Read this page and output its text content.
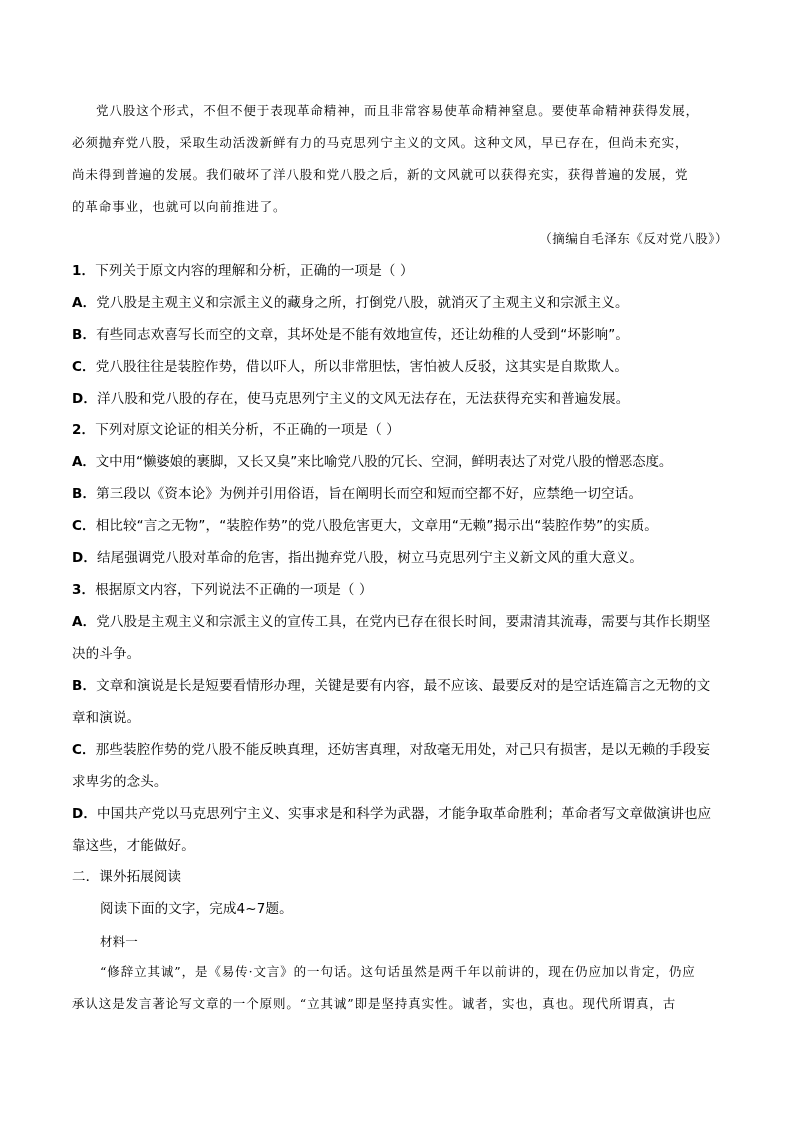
党八股这个形式，不但不便于表现革命精神，而且非常容易使革命精神窒息。要使革命精神获得发展，

必须抛弃党八股，采取生动活泼新鲜有力的马克思列宁主义的文风。这种文风，早已存在，但尚未充实，

尚未得到普遍的发展。我们破坏了洋八股和党八股之后，新的文风就可以获得充实，获得普遍的发展，党

的革命事业，也就可以向前推进了。

（摘编自毛泽东《反对党八股》）
1．下列关于原文内容的理解和分析，正确的一项是（ ）
A．党八股是主观主义和宗派主义的藏身之所，打倒党八股，就消灭了主观主义和宗派主义。
B．有些同志欢喜写长而空的文章，其坏处是不能有效地宣传，还让幼稚的人受到“坏影响”。
C．党八股往往是装腔作势，借以吓人，所以非常胆怯，害怕被人反驳，这其实是自欺欺人。
D．洋八股和党八股的存在，使马克思列宁主义的文风无法存在，无法获得充实和普遍发展。
2．下列对原文论证的相关分析，不正确的一项是（ ）
A．文中用“懒婆娘的裹脚，又长又臭”来比喻党八股的冗长、空洞，鲜明表达了对党八股的憎恶态度。
B．第三段以《资本论》为例并引用俗语，旨在阐明长而空和短而空都不好，应禁绝一切空话。
C．相比较“言之无物”，“装腔作势”的党八股危害更大，文章用“无赖”揭示出“装腔作势”的实质。
D．结尾强调党八股对革命的危害，指出抛弃党八股，树立马克思列宁主义新文风的重大意义。
3．根据原文内容，下列说法不正确的一项是（ ）
A．党八股是主观主义和宗派主义的宣传工具，在党内已存在很长时间，要肃清其流毒，需要与其作长期坚
决的斗争。
B．文章和演说是长是短要看情形办理，关键是要有内容，最不应该、最要反对的是空话连篇言之无物的文
章和演说。
C．那些装腔作势的党八股不能反映真理，还妨害真理，对敌毫无用处，对己只有损害，是以无赖的手段妄
求卑劣的念头。
D．中国共产党以马克思列宁主义、实事求是和科学为武器，才能争取革命胜利；革命者写文章做演讲也应
靠这些，才能做好。
二．课外拓展阅读
阅读下面的文字，完成4~7题。
材料一

“修辞立其诚”，是《易传·文言》的一句话。这句话虽然是两千年以前讲的，现在仍应加以肯定，仍应

承认这是发言著论写文章的一个原则。“立其诚”即是坚持真实性。诚者，实也，真也。现代所谓真，古
